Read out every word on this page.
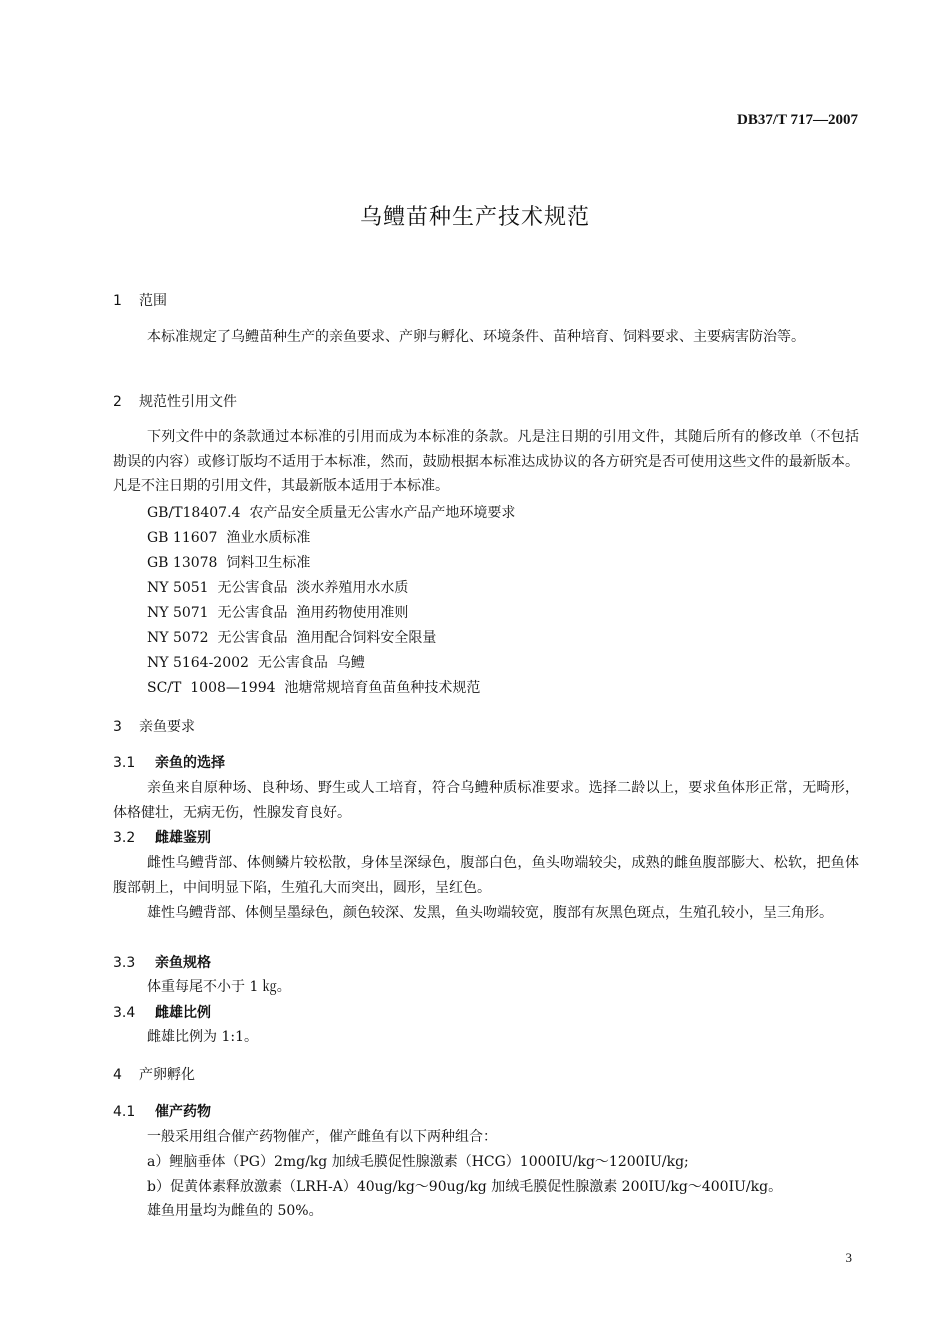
DB37/T 717—2007
乌鳢苗种生产技术规范
1 范围
本标准规定了乌鳢苗种生产的亲鱼要求、产卵与孵化、环境条件、苗种培育、饲料要求、主要病害防治等。
2 规范性引用文件
下列文件中的条款通过本标准的引用而成为本标准的条款。凡是注日期的引用文件，其随后所有的修改单（不包括勘误的内容）或修订版均不适用于本标准，然而，鼓励根据本标准达成协议的各方研究是否可使用这些文件的最新版本。凡是不注日期的引用文件，其最新版本适用于本标准。
GB/T18407.4  农产品安全质量无公害水产品产地环境要求
GB 11607  渔业水质标准
GB 13078  饲料卫生标准
NY 5051  无公害食品  淡水养殖用水水质
NY 5071  无公害食品  渔用药物使用准则
NY 5072  无公害食品  渔用配合饲料安全限量
NY 5164-2002  无公害食品  乌鳢
SC/T  1008—1994  池塘常规培育鱼苗鱼种技术规范
3 亲鱼要求
3.1 亲鱼的选择
亲鱼来自原种场、良种场、野生或人工培育，符合乌鳢种质标准要求。选择二龄以上，要求鱼体形正常，无畸形，体格健壮，无病无伤，性腺发育良好。
3.2 雌雄鉴别
雌性乌鳢背部、体侧鳞片较松散，身体呈深绿色，腹部白色，鱼头吻端较尖，成熟的雌鱼腹部膨大、松软，把鱼体腹部朝上，中间明显下陷，生殖孔大而突出，圆形，呈红色。
雄性乌鳢背部、体侧呈墨绿色，颜色较深、发黑，鱼头吻端较宽，腹部有灰黑色斑点，生殖孔较小，呈三角形。
3.3 亲鱼规格
体重每尾不小于 1 ㎏。
3.4 雌雄比例
雌雄比例为 1:1。
4 产卵孵化
4.1 催产药物
一般采用组合催产药物催产，催产雌鱼有以下两种组合：
a）鲤脑垂体（PG）2mg/kg 加绒毛膜促性腺激素（HCG）1000IU/kg～1200IU/kg;
b）促黄体素释放激素（LRH-A）40ug/kg～90ug/kg 加绒毛膜促性腺激素 200IU/kg～400IU/kg。
雄鱼用量均为雌鱼的 50%。
3
